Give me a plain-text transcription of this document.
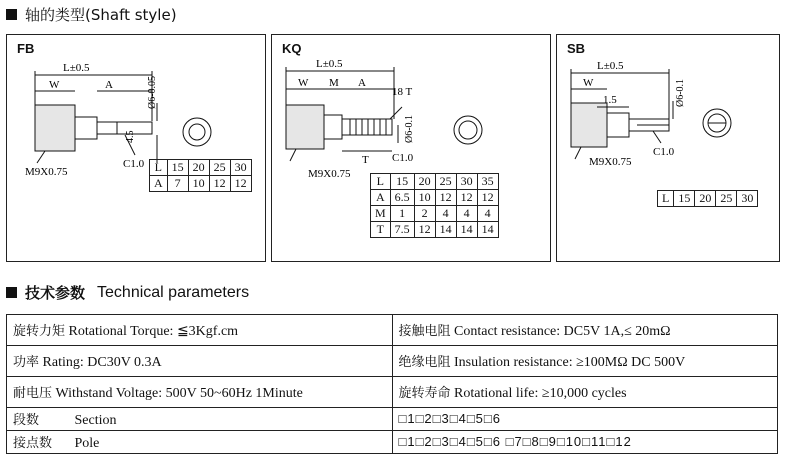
轴的类型(Shaft style)
FB
L±0.5
W	A	Ø6-0.05
4.5
C1.0
M9X0.75	L	15	20	25	30
A	7	10	12	12
KQ
L±0.5
W M A
18 T
Ø6-0.1
T C1.0
M9X0.75 L	15	20	25	30	35
A	6.5	10	12	12	12
M	1	2	4	4	4
T	7.5	12	14	14	14
SB
L±0.5
W
1.5	Ø6-0.1
C1.0
M9X0.75
L	15	20	25	30
技术参数 Technical parameters
旋转力矩 Rotational Torque: ≦3Kgf.cm	接触电阻 Contact resistance: DC5V 1A,≤ 20mΩ
功率 Rating: DC30V 0.3A	绝缘电阻 Insulation resistance: ≥100MΩ DC 500V
耐电压 Withstand Voltage: 500V 50~60Hz 1Minute	旋转寿命 Rotational life: ≥10,000 cycles
段数 Section	□1□2□3□4□5□6
接点数 Pole	□1□2□3□4□5□6 □7□8□9□10□11□12
